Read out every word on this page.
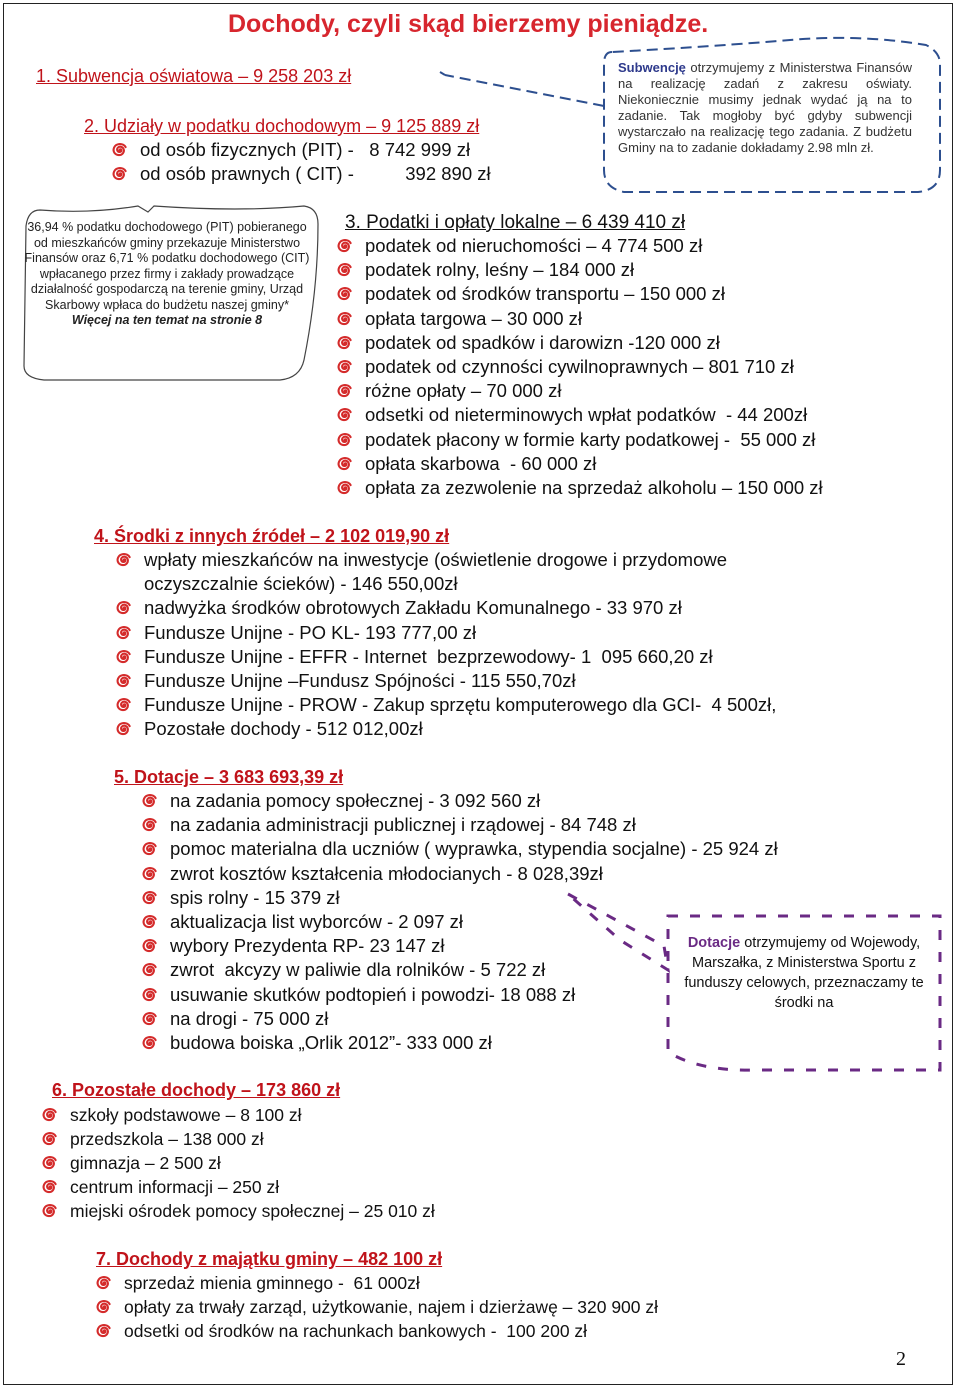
Dochody, czyli skąd bierzemy pieniądze.
1. Subwencja oświatowa – 9 258 203 zł
2. Udziały w podatku dochodowym – 9 125 889 zł
od osób fizycznych (PIT) -   8 742 999 zł
od osób prawnych ( CIT) -          392 890 zł
Subwencję otrzymujemy z Ministerstwa Finansów na realizację zadań z zakresu oświaty. Niekoniecznie musimy jednak wydać ją na to zadanie. Tak mogłoby być gdyby subwencji wystarczało na realizację tego zadania. Z budżetu Gminy na to zadanie dokładamy 2.98 mln zł.
36,94 % podatku dochodowego (PIT) pobieranego od mieszkańców gminy przekazuje Ministerstwo Finansów oraz 6,71 % podatku dochodowego (CIT) wpłacanego przez firmy i zakłady prowadzące działalność gospodarczą na terenie gminy, Urząd Skarbowy wpłaca do budżetu naszej gminy*
Więcej na ten temat na stronie 8
3. Podatki i opłaty lokalne – 6 439 410 zł
podatek od nieruchomości – 4 774 500 zł
podatek rolny, leśny – 184 000 zł
podatek od środków transportu – 150 000 zł
opłata targowa – 30 000 zł
podatek od spadków i darowizn -120 000 zł
podatek od czynności cywilnoprawnych – 801 710 zł
różne opłaty – 70 000 zł
odsetki od nieterminowych wpłat podatków  - 44 200zł
podatek płacony w formie karty podatkowej -  55 000 zł
opłata skarbowa  - 60 000 zł
opłata za zezwolenie na sprzedaż alkoholu – 150 000 zł
4. Środki z innych źródeł – 2 102 019,90 zł
wpłaty mieszkańców na inwestycje (oświetlenie drogowe i przydomowe oczyszczalnie ścieków) - 146 550,00zł
nadwyżka środków obrotowych Zakładu Komunalnego - 33 970 zł
Fundusze Unijne - PO KL- 193 777,00 zł
Fundusze Unijne - EFFR - Internet  bezprzewodowy- 1  095 660,20 zł
Fundusze Unijne –Fundusz Spójności - 115 550,70zł
Fundusze Unijne - PROW - Zakup sprzętu komputerowego dla GCI-  4 500zł,
Pozostałe dochody - 512 012,00zł
5. Dotacje – 3 683 693,39 zł
na zadania pomocy społecznej - 3 092 560 zł
na zadania administracji publicznej i rządowej - 84 748 zł
pomoc materialna dla uczniów ( wyprawka, stypendia socjalne) - 25 924 zł
zwrot kosztów kształcenia młodocianych - 8 028,39zł
spis rolny - 15 379 zł
aktualizacja list wyborców - 2 097 zł
wybory Prezydenta RP- 23 147 zł
zwrot  akcyzy w paliwie dla rolników - 5 722 zł
usuwanie skutków podtopień i powodzi- 18 088 zł
na drogi - 75 000 zł
budowa boiska „Orlik 2012”- 333 000 zł
Dotacje otrzymujemy od Wojewody, Marszałka, z Ministerstwa Sportu z funduszy celowych, przeznaczamy te środki na
6. Pozostałe dochody – 173 860 zł
szkoły podstawowe – 8 100 zł
przedszkola – 138 000 zł
gimnazja – 2 500 zł
centrum informacji – 250 zł
miejski ośrodek pomocy społecznej – 25 010 zł
7. Dochody z majątku gminy – 482 100 zł
sprzedaż mienia gminnego -  61 000zł
opłaty za trwały zarząd, użytkowanie, najem i dzierżawę – 320 900 zł
odsetki od środków na rachunkach bankowych -  100 200 zł
2
